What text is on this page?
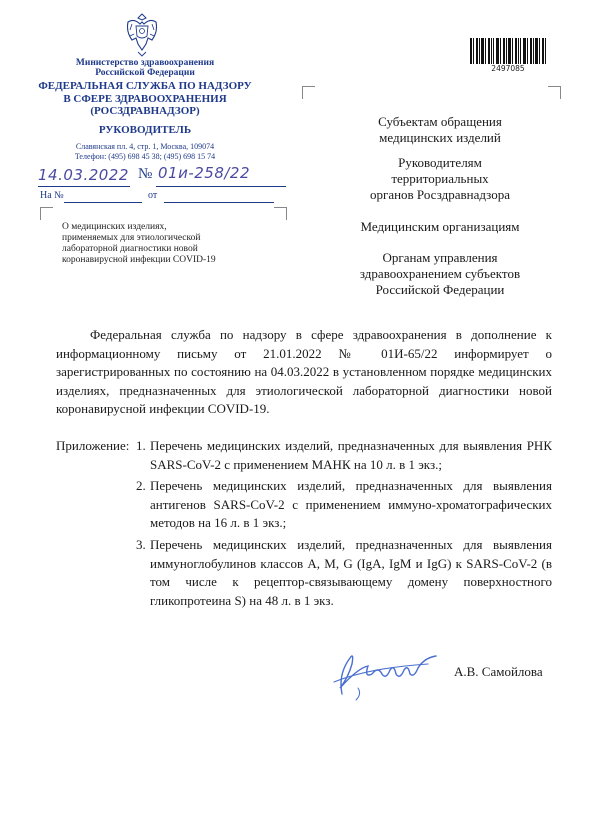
Министерство здравоохранения
Российской Федерации
ФЕДЕРАЛЬНАЯ СЛУЖБА ПО НАДЗОРУ
В СФЕРЕ ЗДРАВООХРАНЕНИЯ
(РОСЗДРАВНАДЗОР)
РУКОВОДИТЕЛЬ
Славянская пл. 4, стр. 1, Москва, 109074
Телефон: (495) 698 45 38; (495) 698 15 74
14.03.2022 № 01и-258/22
На №	от
О медицинских изделиях,
применяемых для этиологической
лабораторной диагностики новой
коронавирусной инфекции COVID-19
2497085
Субъектам обращения
медицинских изделий
Руководителям
территориальных
органов Росздравнадзора
Медицинским организациям
Органам управления
здравоохранением субъектов
Российской Федерации
Федеральная служба по надзору в сфере здравоохранения в дополнение к информационному письму от 21.01.2022 № 01И-65/22 информирует о зарегистрированных по состоянию на 04.03.2022 в установленном порядке медицинских изделиях, предназначенных для этиологической лабораторной диагностики новой коронавирусной инфекции COVID-19.
Приложение: 1. Перечень медицинских изделий, предназначенных для выявления РНК SARS-CoV-2 с применением МАНК на 10 л. в 1 экз.;
2. Перечень медицинских изделий, предназначенных для выявления антигенов SARS-CoV-2 с применением иммуно-хроматографических методов на 16 л. в 1 экз.;
3. Перечень медицинских изделий, предназначенных для выявления иммуноглобулинов классов A, M, G (IgA, IgM и IgG) к SARS-CoV-2 (в том числе к рецептор-связывающему домену поверхностного гликопротеина S) на 48 л. в 1 экз.
А.В. Самойлова
